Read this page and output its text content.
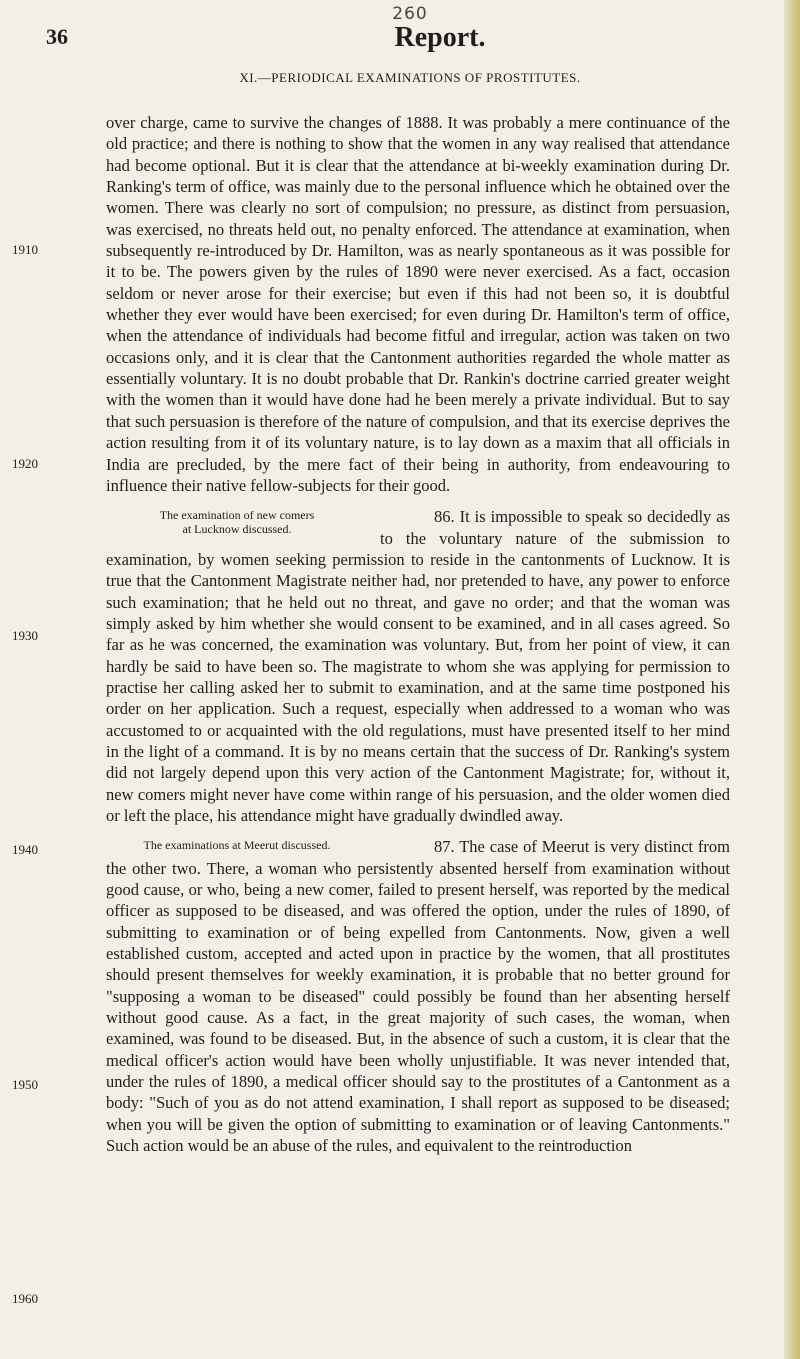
260
36	Report.
XI.—PERIODICAL EXAMINATIONS OF PROSTITUTES.
1910
1920
1930
1940
1950
1960

over charge, came to survive the changes of 1888. It was probably a mere continuance of the old practice; and there is nothing to show that the women in any way realised that attendance had become optional. But it is clear that the attendance at bi-weekly examination during Dr. Ranking's term of office, was mainly due to the personal influence which he obtained over the women. There was clearly no sort of compulsion; no pressure, as distinct from persuasion, was exercised, no threats held out, no penalty enforced. The attendance at examination, when subsequently re-introduced by Dr. Hamilton, was as nearly spontaneous as it was possible for it to be. The powers given by the rules of 1890 were never exercised. As a fact, occasion seldom or never arose for their exercise; but even if this had not been so, it is doubtful whether they ever would have been exercised; for even during Dr. Hamilton's term of office, when the attendance of individuals had become fitful and irregular, action was taken on two occasions only, and it is clear that the Cantonment authorities regarded the whole matter as essentially voluntary. It is no doubt probable that Dr. Rankin's doctrine carried greater weight with the women than it would have done had he been merely a private individual. But to say that such persuasion is therefore of the nature of compulsion, and that its exercise deprives the action resulting from it of its voluntary nature, is to lay down as a maxim that all officials in India are precluded, by the mere fact of their being in authority, from endeavouring to influence their native fellow-subjects for their good.

The examination of new comers
at Lucknow discussed.
86. It is impossible to speak so decidedly as to the voluntary nature of the submission to examination, by women seeking permission to reside in the cantonments of Lucknow. It is true that the Cantonment Magistrate neither had, nor pretended to have, any power to enforce such examination; that he held out no threat, and gave no order; and that the woman was simply asked by him whether she would consent to be examined, and in all cases agreed. So far as he was concerned, the examination was voluntary. But, from her point of view, it can hardly be said to have been so. The magistrate to whom she was applying for permission to practise her calling asked her to submit to examination, and at the same time postponed his order on her application. Such a request, especially when addressed to a woman who was accustomed to or acquainted with the old regulations, must have presented itself to her mind in the light of a command. It is by no means certain that the success of Dr. Ranking's system did not largely depend upon this very action of the Cantonment Magistrate; for, without it, new comers might never have come within range of his persuasion, and the older women died or left the place, his attendance might have gradually dwindled away.
The examinations at Meerut discussed.	87. The case of Meerut is very distinct from the other two. There, a woman who persistently absented herself from examination without good cause, or who, being a new comer, failed to present herself, was reported by the medical officer as supposed to be diseased, and was offered the option, under the rules of 1890, of submitting to examination or of being expelled from Cantonments. Now, given a well established custom, accepted and acted upon in practice by the women, that all prostitutes should present themselves for weekly examination, it is probable that no better ground for "supposing a woman to be diseased" could possibly be found than her absenting herself without good cause. As a fact, in the great majority of such cases, the woman, when examined, was found to be diseased. But, in the absence of such a custom, it is clear that the medical officer's action would have been wholly unjustifiable. It was never intended that, under the rules of 1890, a medical officer should say to the prostitutes of a Cantonment as a body: "Such of you as do not attend examination, I shall report as supposed to be diseased; when you will be given the option of submitting to examination or of leaving Cantonments." Such action would be an abuse of the rules, and equivalent to the reintroduction
